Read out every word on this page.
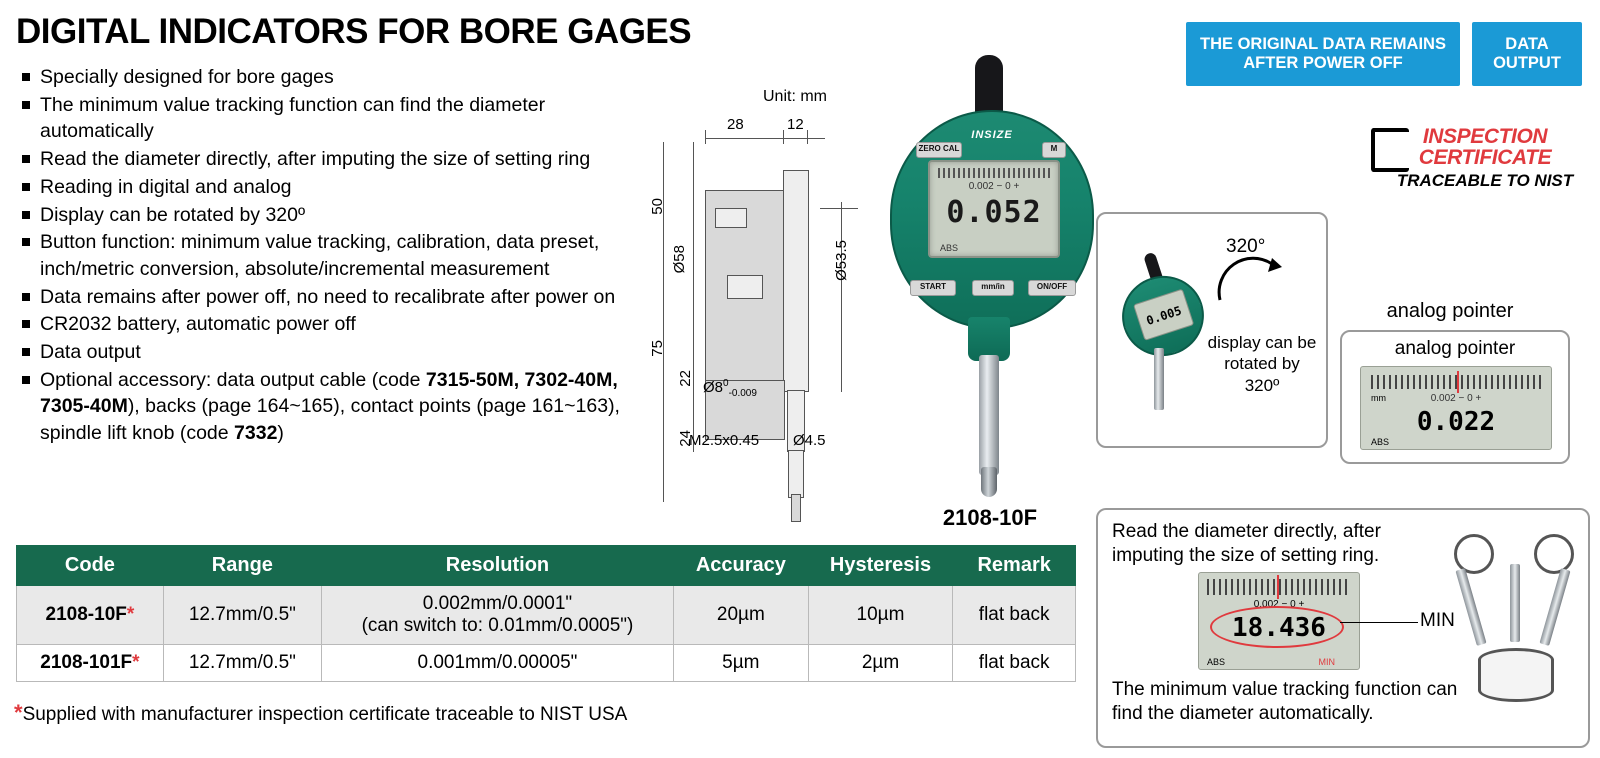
DIGITAL INDICATORS FOR BORE GAGES
Specially designed for bore gages
The minimum value tracking function can find the diameter automatically
Read the diameter directly, after imputing the size of setting ring
Reading in digital and analog
Display can be rotated by 320º
Button function: minimum value tracking, calibration, data preset, inch/metric conversion, absolute/incremental measurement
Data remains after power off, no need to recalibrate after power on
CR2032 battery, automatic power off
Data output
Optional accessory: data output cable (code 7315-50M, 7302-40M, 7305-40M), backs (page 164~165), contact points (page 161~163), spindle lift knob (code 7332)
THE ORIGINAL DATA REMAINS AFTER POWER OFF
DATA OUTPUT
INSPECTION
CERTIFICATE
TRACEABLE TO NIST
Unit: mm
28	12
50
75
22
24
Ø58	Ø53.5
$Ø8^0_{-0.009}$
M2.5x0.45 Ø4.5
INSIZE
ZERO CAL	M
0.002 − 0 +
0.052
ABS
START	mm/in	ON/OFF
2108-10F
0.005
320°
display can be rotated by 320º
analog pointer
analog pointer
mm	0.002 − 0 +
0.022
ABS
Read the diameter directly, after imputing the size of setting ring.
0.002 − 0 +
18.436
ABS	MIN
MIN
The minimum value tracking function can find the diameter automatically.
Code	Range	Resolution	Accuracy	Hysteresis	Remark
2108-10F*	12.7mm/0.5"	0.002mm/0.0001"
(can switch to: 0.01mm/0.0005")	20µm	10µm	flat back
2108-101F*	12.7mm/0.5"	0.001mm/0.00005"	5µm	2µm	flat back
*Supplied with manufacturer inspection certificate traceable to NIST USA
